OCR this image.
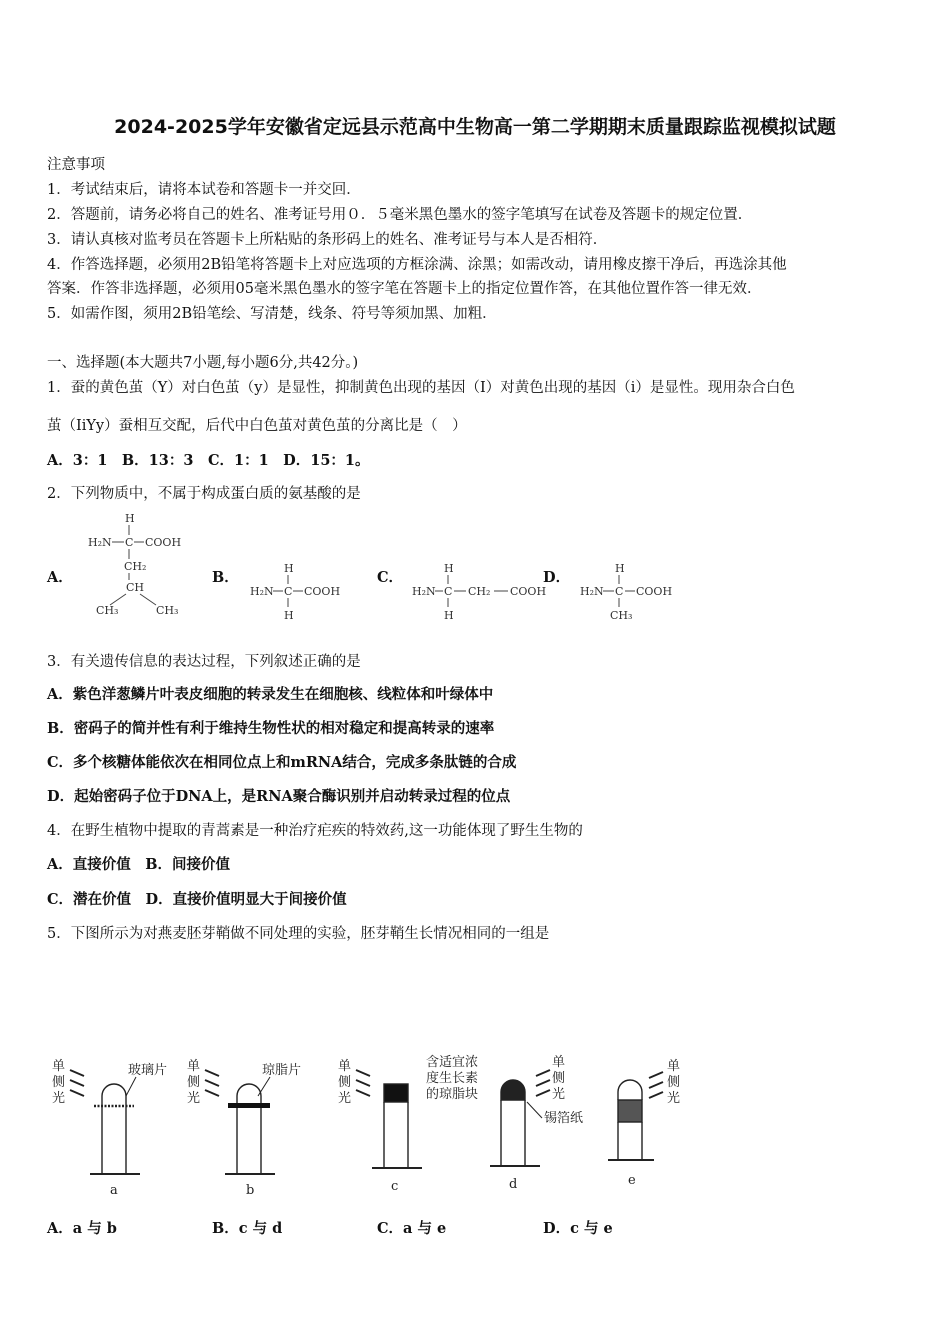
2024-2025学年安徽省定远县示范高中生物高一第二学期期末质量跟踪监视模拟试题
注意事项
1．考试结束后，请将本试卷和答题卡一并交回．
2．答题前，请务必将自己的姓名、准考证号用０．５毫米黑色墨水的签字笔填写在试卷及答题卡的规定位置．
3．请认真核对监考员在答题卡上所粘贴的条形码上的姓名、准考证号与本人是否相符．
4．作答选择题，必须用2B铅笔将答题卡上对应选项的方框涂满、涂黑；如需改动，请用橡皮擦干净后，再选涂其他
答案．作答非选择题，必须用05毫米黑色墨水的签字笔在答题卡上的指定位置作答，在其他位置作答一律无效．
5．如需作图，须用2B铅笔绘、写清楚，线条、符号等须加黑、加粗．
一、选择题(本大题共7小题,每小题6分,共42分。)
1．蚕的黄色茧（Y）对白色茧（y）是显性，抑制黄色出现的基因（I）对黄色出现的基因（i）是显性。现用杂合白色
茧（IiYy）蚕相互交配，后代中白色茧对黄色茧的分离比是（　）
A．3：1　B．13：3　C．1：1　D．15：1。
2．下列物质中，不属于构成蛋白质的氨基酸的是
A．	B．	C．	D．
H
H₂N C COOH
CH₂
CH
CH₃	CH₃
H
H₂N C COOH
H
H
H₂N C CH₂ COOH
H
H
H₂N C COOH
CH₃
3．有关遗传信息的表达过程，下列叙述正确的是
A．紫色洋葱鳞片叶表皮细胞的转录发生在细胞核、线粒体和叶绿体中
B．密码子的简并性有利于维持生物性状的相对稳定和提高转录的速率
C．多个核糖体能依次在相同位点上和mRNA结合，完成多条肽链的合成
D．起始密码子位于DNA上，是RNA聚合酶识别并启动转录过程的位点
4．在野生植物中提取的青蒿素是一种治疗疟疾的特效药,这一功能体现了野生生物的
A．直接价值　B．间接价值
C．潜在价值　D．直接价值明显大于间接价值
5．下图所示为对燕麦胚芽鞘做不同处理的实验，胚芽鞘生长情况相同的一组是
单
侧
光
玻璃片
a
单
侧
光
琼脂片
b
单
侧
光
含适宜浓
度生长素
的琼脂块
c
单
侧
光
锡箔纸
d
单
侧
光
e
A．a 与 b	B．c 与 d	C．a 与 e	D．c 与 e
